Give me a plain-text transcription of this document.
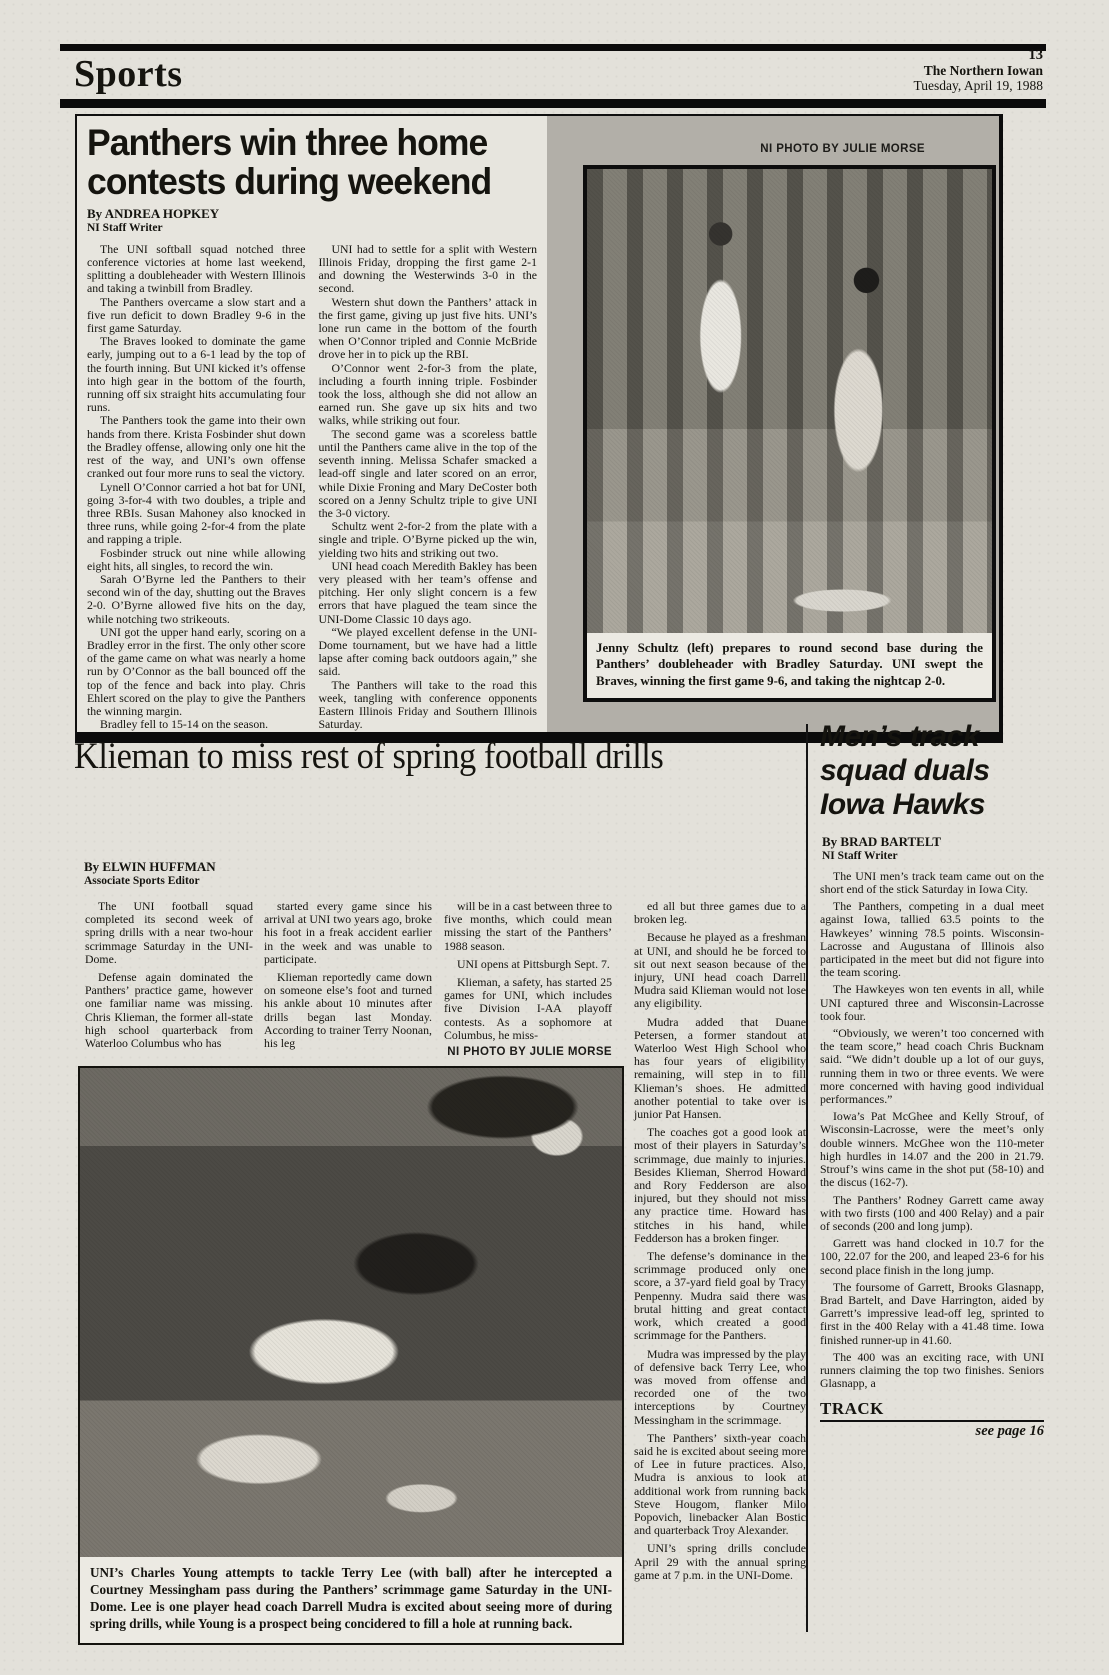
Sports	13
The Northern Iowan
Tuesday, April 19, 1988
Panthers win three home
contests during weekend
By ANDREA HOPKEY
NI Staff Writer

The UNI softball squad notched three conference victories at home last weekend, splitting a doubleheader with Western Illinois and taking a twinbill from Bradley.

The Panthers overcame a slow start and a five run deficit to down Bradley 9-6 in the first game Saturday.

The Braves looked to dominate the game early, jumping out to a 6-1 lead by the top of the fourth inning. But UNI kicked it’s offense into high gear in the bottom of the fourth, running off six straight hits accumulating four runs.

The Panthers took the game into their own hands from there. Krista Fosbinder shut down the Bradley offense, allowing only one hit the rest of the way, and UNI’s own offense cranked out four more runs to seal the victory.

Lynell O’Connor carried a hot bat for UNI, going 3-for-4 with two doubles, a triple and three RBIs. Susan Mahoney also knocked in three runs, while going 2-for-4 from the plate and rapping a triple.

Fosbinder struck out nine while allowing eight hits, all singles, to record the win.

Sarah O’Byrne led the Panthers to their second win of the day, shutting out the Braves 2-0. O’Byrne allowed five hits on the day, while notching two strikeouts.

UNI got the upper hand early, scoring on a Bradley error in the first. The only other score of the game came on what was nearly a home run by O’Connor as the ball bounced off the top of the fence and back into play. Chris Ehlert scored on the play to give the Panthers the winning margin.

Bradley fell to 15-14 on the season.

UNI had to settle for a split with Western Illinois Friday, dropping the first game 2-1 and downing the Westerwinds 3-0 in the second.

Western shut down the Panthers’ attack in the first game, giving up just five hits. UNI’s lone run came in the bottom of the fourth when O’Connor tripled and Connie McBride drove her in to pick up the RBI.

O’Connor went 2-for-3 from the plate, including a fourth inning triple. Fosbinder took the loss, although she did not allow an earned run. She gave up six hits and two walks, while striking out four.

The second game was a scoreless battle until the Panthers came alive in the top of the seventh inning. Melissa Schafer smacked a lead-off single and later scored on an error, while Dixie Froning and Mary DeCoster both scored on a Jenny Schultz triple to give UNI the 3-0 victory.

Schultz went 2-for-2 from the plate with a single and triple. O’Byrne picked up the win, yielding two hits and striking out two.

UNI head coach Meredith Bakley has been very pleased with her team’s offense and pitching. Her only slight concern is a few errors that have plagued the team since the UNI-Dome Classic 10 days ago.

“We played excellent defense in the UNI-Dome tournament, but we have had a little lapse after coming back outdoors again,” she said.

The Panthers will take to the road this week, tangling with conference opponents Eastern Illinois Friday and Southern Illinois Saturday.

NI PHOTO BY JULIE MORSE
Jenny Schultz (left) prepares to round second base during the Panthers’ doubleheader with Bradley Saturday. UNI swept the Braves, winning the first game 9-6, and taking the nightcap 2-0.
Klieman to miss rest of spring football drills
By ELWIN HUFFMAN
Associate Sports Editor

The UNI football squad completed its second week of spring drills with a near two-hour scrimmage Saturday in the UNI-Dome.

Defense again dominated the Panthers’ practice game, however one familiar name was missing. Chris Klieman, the former all-state high school quarterback from Waterloo Columbus who has

started every game since his arrival at UNI two years ago, broke his foot in a freak accident earlier in the week and was unable to participate.

Klieman reportedly came down on someone else’s foot and turned his ankle about 10 minutes after drills began last Monday. According to trainer Terry Noonan, his leg

will be in a cast between three to five months, which could mean missing the start of the Panthers’ 1988 season.

UNI opens at Pittsburgh Sept. 7.

Klieman, a safety, has started 25 games for UNI, which includes five Division I-AA playoff contests. As a sophomore at Columbus, he miss-

ed all but three games due to a broken leg.

Because he played as a freshman at UNI, and should he be forced to sit out next season because of the injury, UNI head coach Darrell Mudra said Klieman would not lose any eligibility.

Mudra added that Duane Petersen, a former standout at Waterloo West High School who has four years of eligibility remaining, will step in to fill Klieman’s shoes. He admitted another potential to take over is junior Pat Hansen.

The coaches got a good look at most of their players in Saturday’s scrimmage, due mainly to injuries. Besides Klieman, Sherrod Howard and Rory Fedderson are also injured, but they should not miss any practice time. Howard has stitches in his hand, while Fedderson has a broken finger.

The defense’s dominance in the scrimmage produced only one score, a 37-yard field goal by Tracy Penpenny. Mudra said there was brutal hitting and great contact work, which created a good scrimmage for the Panthers.

Mudra was impressed by the play of defensive back Terry Lee, who was moved from offense and recorded one of the two interceptions by Courtney Messingham in the scrimmage.

The Panthers’ sixth-year coach said he is excited about seeing more of Lee in future practices. Also, Mudra is anxious to look at additional work from running back Steve Hougom, flanker Milo Popovich, linebacker Alan Bostic and quarterback Troy Alexander.

UNI’s spring drills conclude April 29 with the annual spring game at 7 p.m. in the UNI-Dome.

NI PHOTO BY JULIE MORSE
UNI’s Charles Young attempts to tackle Terry Lee (with ball) after he intercepted a Courtney Messingham pass during the Panthers’ scrimmage game Saturday in the UNI-Dome. Lee is one player head coach Darrell Mudra is excited about seeing more of during spring drills, while Young is a prospect being concidered to fill a hole at running back.
Men’s track
squad duals
Iowa Hawks
By BRAD BARTELT
NI Staff Writer

The UNI men’s track team came out on the short end of the stick Saturday in Iowa City.

The Panthers, competing in a dual meet against Iowa, tallied 63.5 points to the Hawkeyes’ winning 78.5 points. Wisconsin-Lacrosse and Augustana of Illinois also participated in the meet but did not figure into the team scoring.

The Hawkeyes won ten events in all, while UNI captured three and Wisconsin-Lacrosse took four.

“Obviously, we weren’t too concerned with the team score,” head coach Chris Bucknam said. “We didn’t double up a lot of our guys, running them in two or three events. We were more concerned with having good individual performances.”

Iowa’s Pat McGhee and Kelly Strouf, of Wisconsin-Lacrosse, were the meet’s only double winners. McGhee won the 110-meter high hurdles in 14.07 and the 200 in 21.79. Strouf’s wins came in the shot put (58-10) and the discus (162-7).

The Panthers’ Rodney Garrett came away with two firsts (100 and 400 Relay) and a pair of seconds (200 and long jump).

Garrett was hand clocked in 10.7 for the 100, 22.07 for the 200, and leaped 23-6 for his second place finish in the long jump.

The foursome of Garrett, Brooks Glasnapp, Brad Bartelt, and Dave Harrington, aided by Garrett’s impressive lead-off leg, sprinted to first in the 400 Relay with a 41.48 time. Iowa finished runner-up in 41.60.

The 400 was an exciting race, with UNI runners claiming the top two finishes. Seniors Glasnapp, a

TRACK
see page 16
